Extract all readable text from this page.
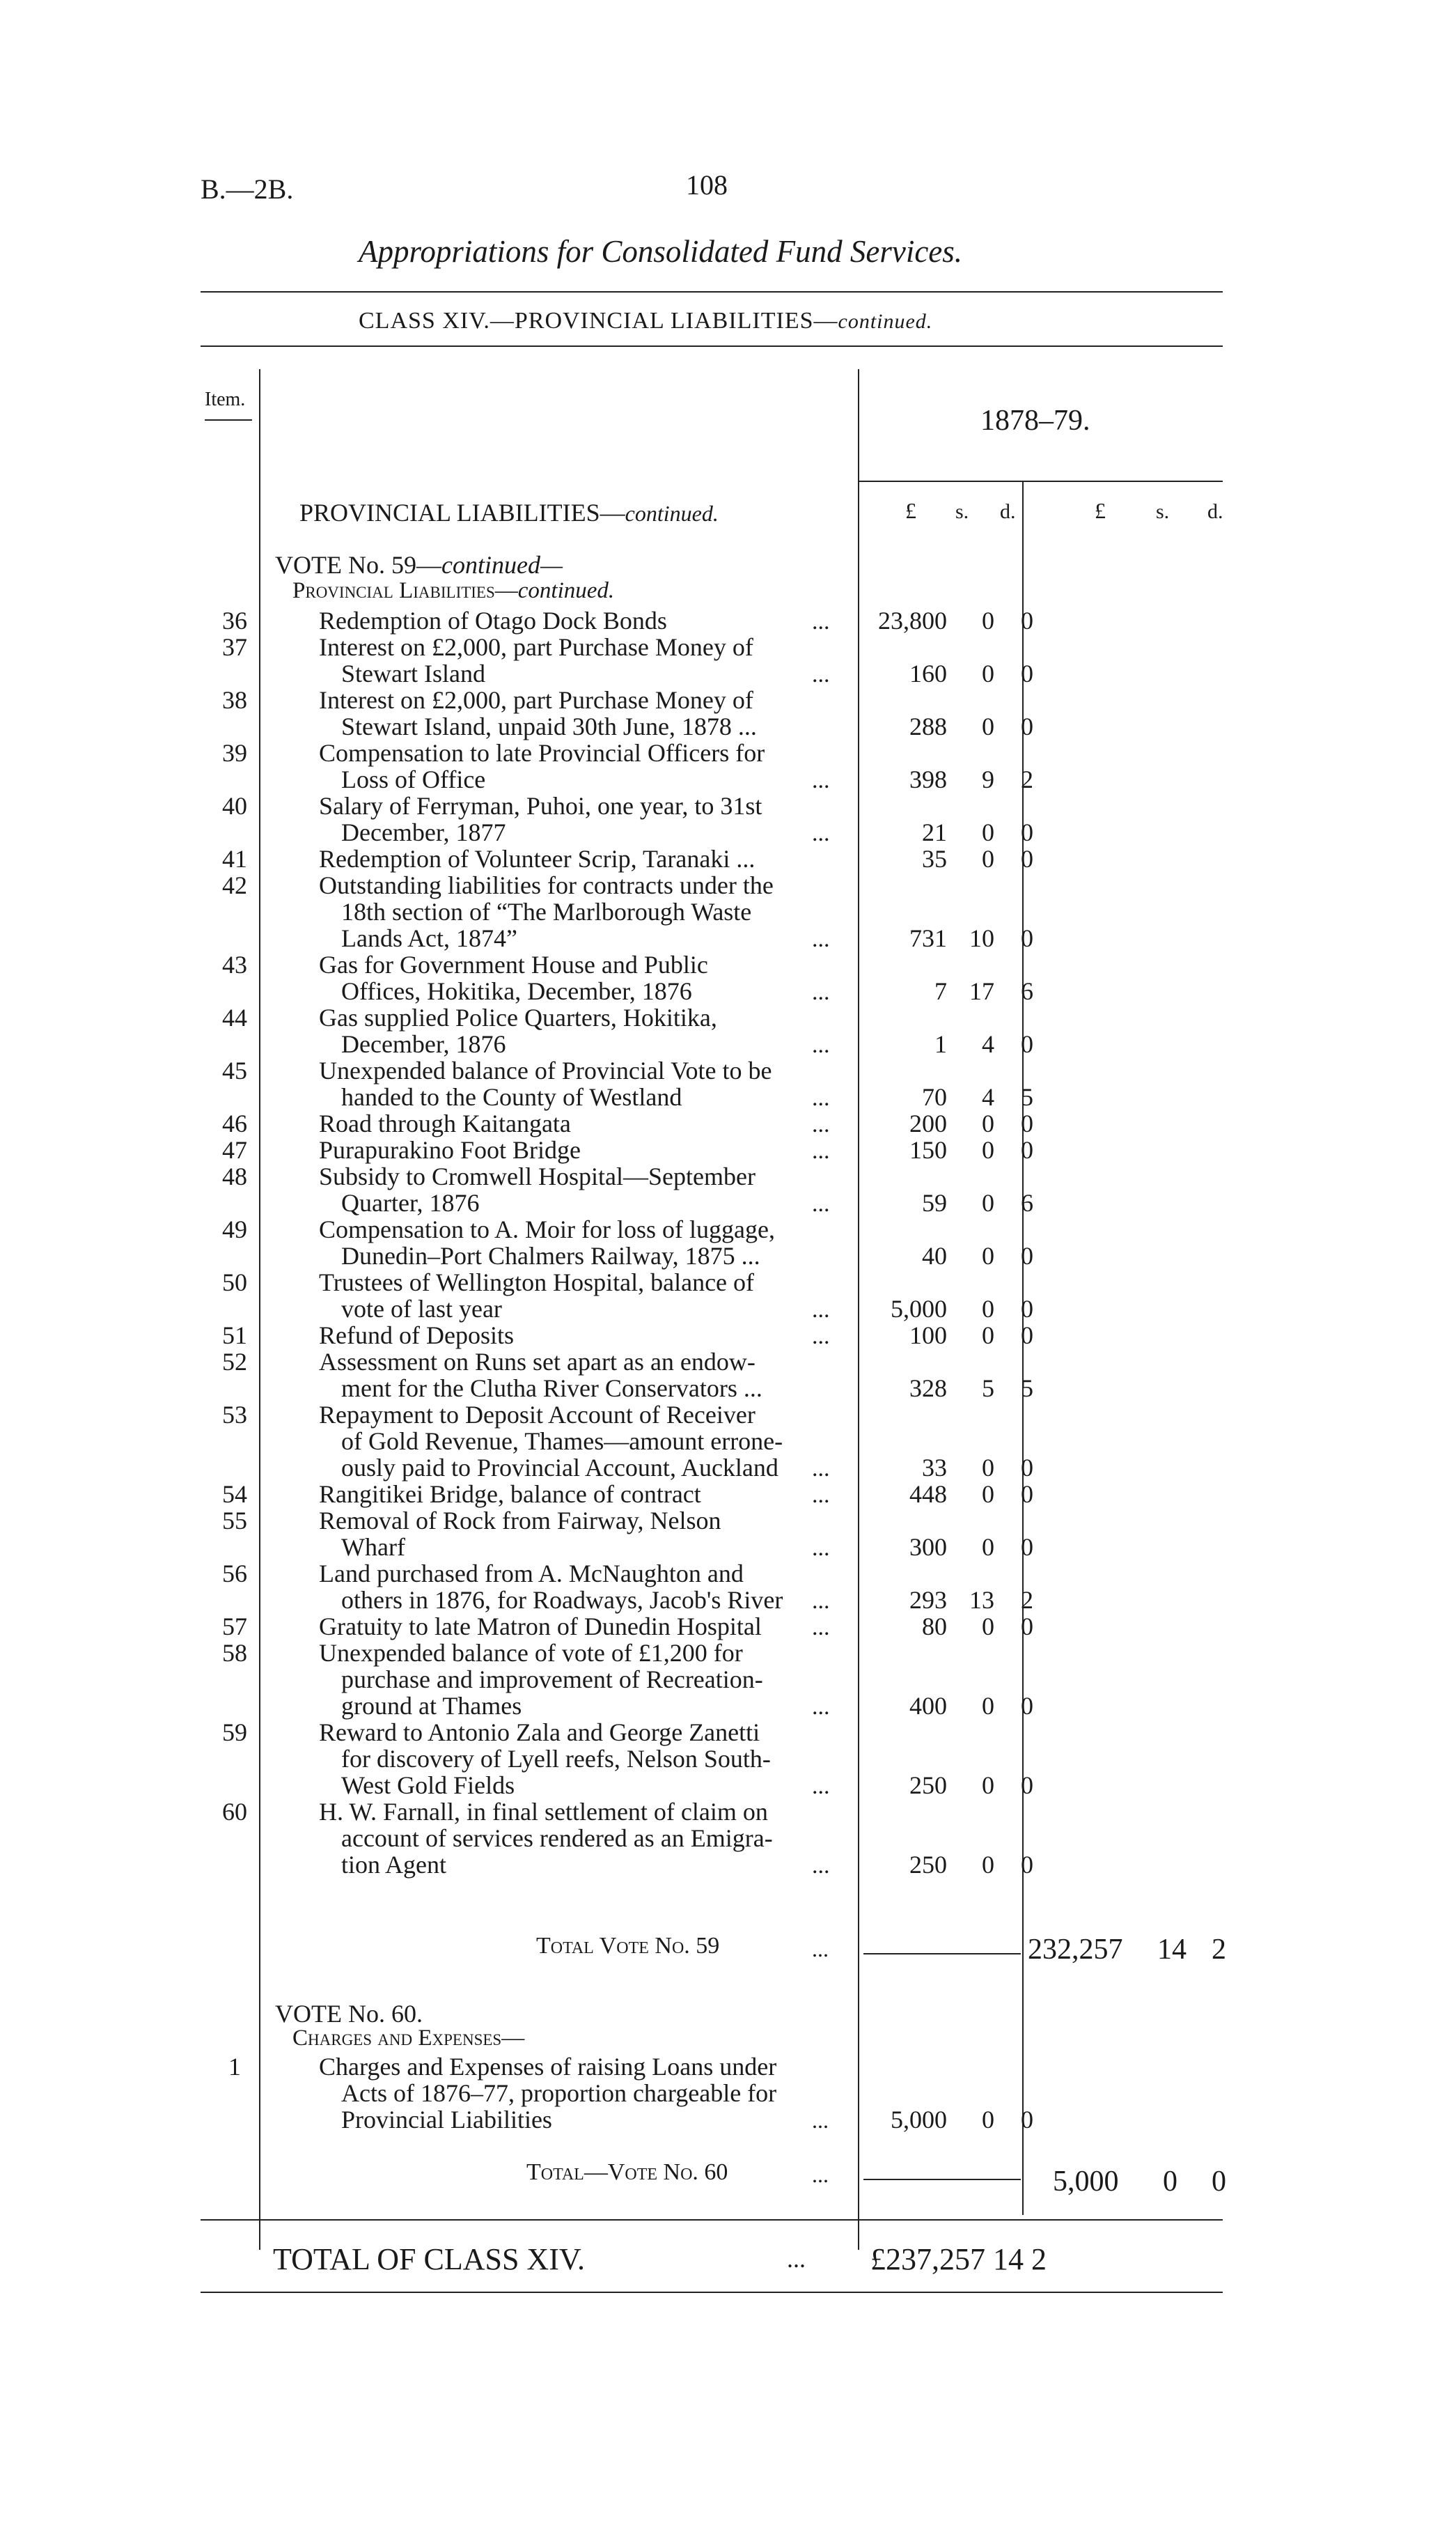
B.—2B.	108
Appropriations for Consolidated Fund Services.
CLASS XIV.—PROVINCIAL LIABILITIES—continued.
Item.
1878–79.
£ s. d.	£ s. d.
PROVINCIAL LIABILITIES—continued.
VOTE No. 59—continued—
Provincial Liabilities—continued.
36	Redemption of Otago Dock Bonds	...	23,800	0	0
37	Interest on £2,000, part Purchase Money of
Stewart Island	...	160	0	0
38	Interest on £2,000, part Purchase Money of
Stewart Island, unpaid 30th June, 1878 ...	288	0	0
39	Compensation to late Provincial Officers for
Loss of Office	...	398	9	2
40	Salary of Ferryman, Puhoi, one year, to 31st
December, 1877	...	21	0	0
41	Redemption of Volunteer Scrip, Taranaki ...	35	0	0
42	Outstanding liabilities for contracts under the
18th section of “The Marlborough Waste
Lands Act, 1874”	...	731 10	0
43	Gas for Government House and Public
Offices, Hokitika, December, 1876	...	7 17	6
44	Gas supplied Police Quarters, Hokitika,
December, 1876	...	1	4	0
45	Unexpended balance of Provincial Vote to be
handed to the County of Westland	...	70	4	5
46	Road through Kaitangata	...	200	0	0
47	Purapurakino Foot Bridge	...	150	0	0
48	Subsidy to Cromwell Hospital—September
Quarter, 1876	...	59	0	6
49	Compensation to A. Moir for loss of luggage,
Dunedin–Port Chalmers Railway, 1875 ...	40	0	0
50	Trustees of Wellington Hospital, balance of
vote of last year	...	5,000	0	0
51	Refund of Deposits	...	100	0	0
52	Assessment on Runs set apart as an endow-
ment for the Clutha River Conservators ...	328	5	5
53	Repayment to Deposit Account of Receiver
of Gold Revenue, Thames—amount errone-
ously paid to Provincial Account, Auckland ...	33	0	0
54	Rangitikei Bridge, balance of contract	...	448	0	0
55	Removal of Rock from Fairway, Nelson
Wharf	...	300	0	0
56	Land purchased from A. McNaughton and
others in 1876, for Roadways, Jacob's River ...	293 13	2
57	Gratuity to late Matron of Dunedin Hospital ...	80	0	0
58	Unexpended balance of vote of £1,200 for
purchase and improvement of Recreation-
ground at Thames	...	400	0	0
59	Reward to Antonio Zala and George Zanetti
for discovery of Lyell reefs, Nelson South-
West Gold Fields	...	250	0	0
60	H. W. Farnall, in final settlement of claim on
account of services rendered as an Emigra-
tion Agent	...	250	0	0
Total Vote No. 59	...	232,257 14 2
VOTE No. 60.
Charges and Expenses—
1	Charges and Expenses of raising Loans under
Acts of 1876–77, proportion chargeable for
Provincial Liabilities	...	5,000	0	0
Total—Vote No. 60	...	5,000 0 0
TOTAL OF CLASS XIV.	... £237,257 14 2
